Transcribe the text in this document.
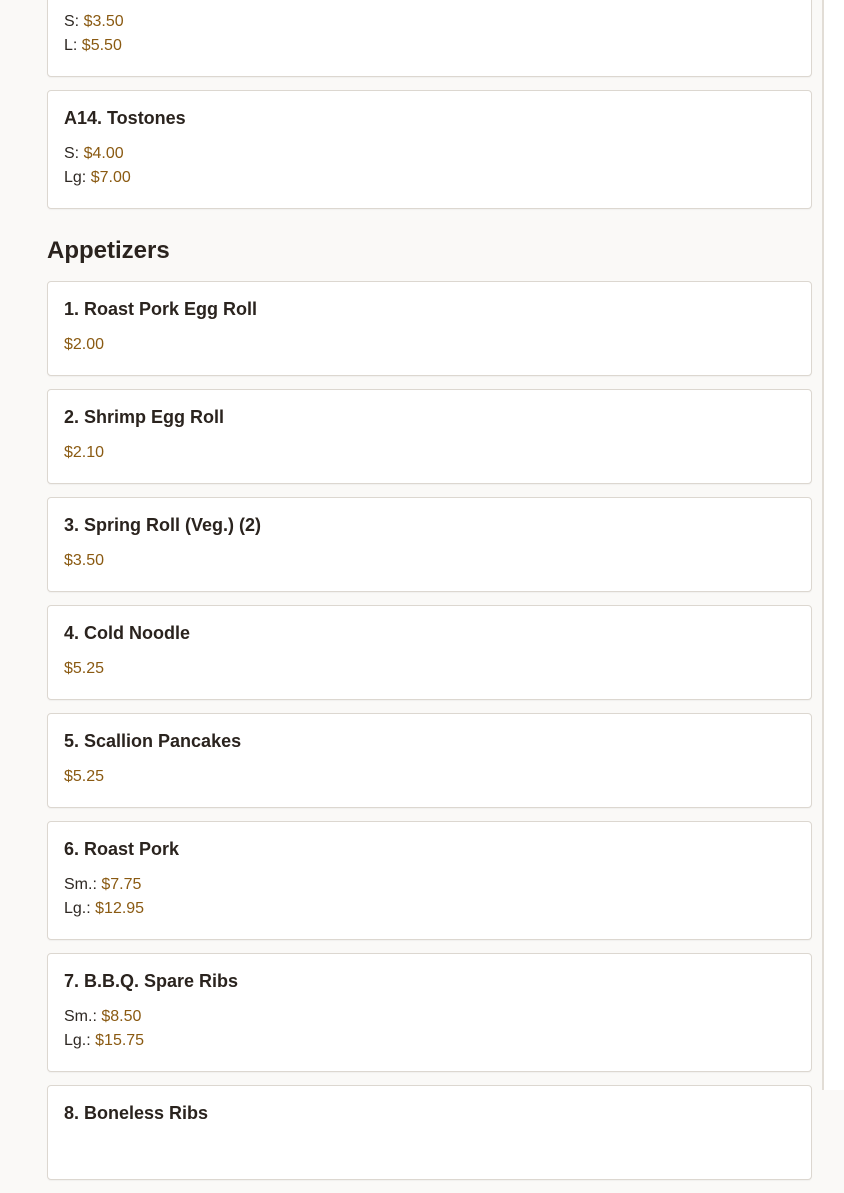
S: $3.50
L: $5.50
A14. Tostones
S: $4.00
Lg: $7.00
Appetizers
1. Roast Pork Egg Roll
$2.00
2. Shrimp Egg Roll
$2.10
3. Spring Roll (Veg.) (2)
$3.50
4. Cold Noodle
$5.25
5. Scallion Pancakes
$5.25
6. Roast Pork
Sm.: $7.75
Lg.: $12.95
7. B.B.Q. Spare Ribs
Sm.: $8.50
Lg.: $15.75
8. Boneless Ribs
